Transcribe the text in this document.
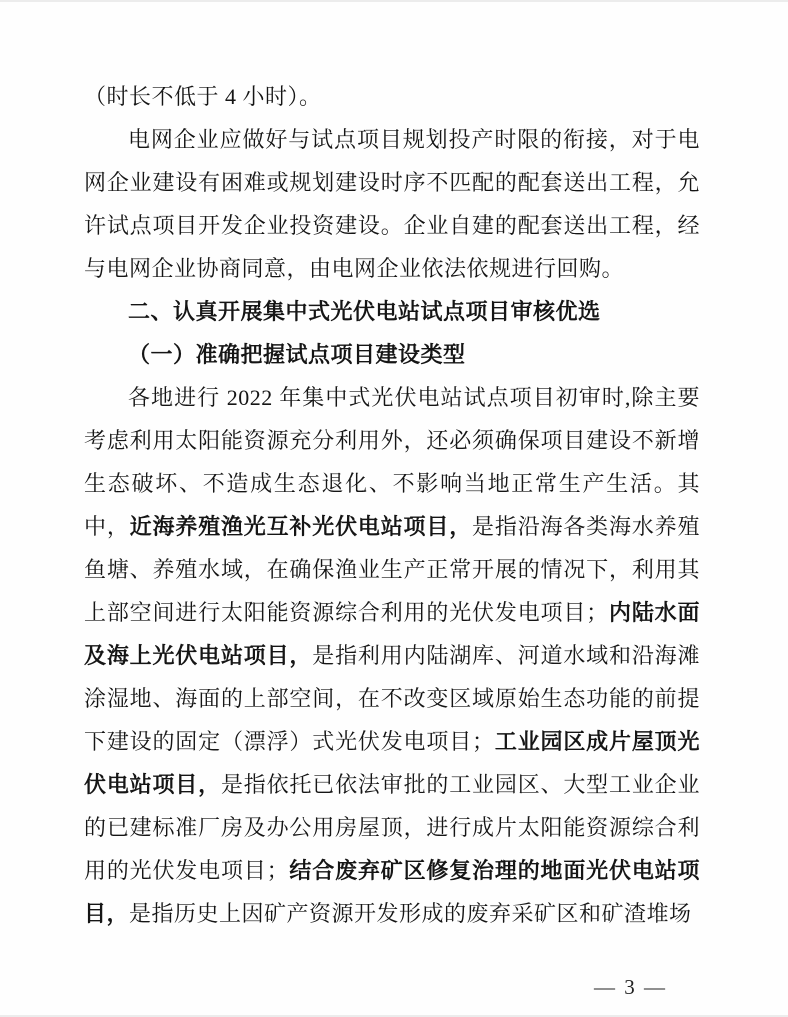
（时长不低于 4 小时）。

电网企业应做好与试点项目规划投产时限的衔接，对于电网企业建设有困难或规划建设时序不匹配的配套送出工程，允许试点项目开发企业投资建设。企业自建的配套送出工程，经与电网企业协商同意，由电网企业依法依规进行回购。

二、认真开展集中式光伏电站试点项目审核优选

（一）准确把握试点项目建设类型

各地进行 2022 年集中式光伏电站试点项目初审时,除主要考虑利用太阳能资源充分利用外，还必须确保项目建设不新增生态破坏、不造成生态退化、不影响当地正常生产生活。其中，近海养殖渔光互补光伏电站项目，是指沿海各类海水养殖鱼塘、养殖水域，在确保渔业生产正常开展的情况下，利用其上部空间进行太阳能资源综合利用的光伏发电项目；内陆水面及海上光伏电站项目，是指利用内陆湖库、河道水域和沿海滩涂湿地、海面的上部空间，在不改变区域原始生态功能的前提下建设的固定（漂浮）式光伏发电项目；工业园区成片屋顶光伏电站项目，是指依托已依法审批的工业园区、大型工业企业的已建标准厂房及办公用房屋顶，进行成片太阳能资源综合利用的光伏发电项目；结合废弃矿区修复治理的地面光伏电站项目，是指历史上因矿产资源开发形成的废弃采矿区和矿渣堆场

— 3 —
